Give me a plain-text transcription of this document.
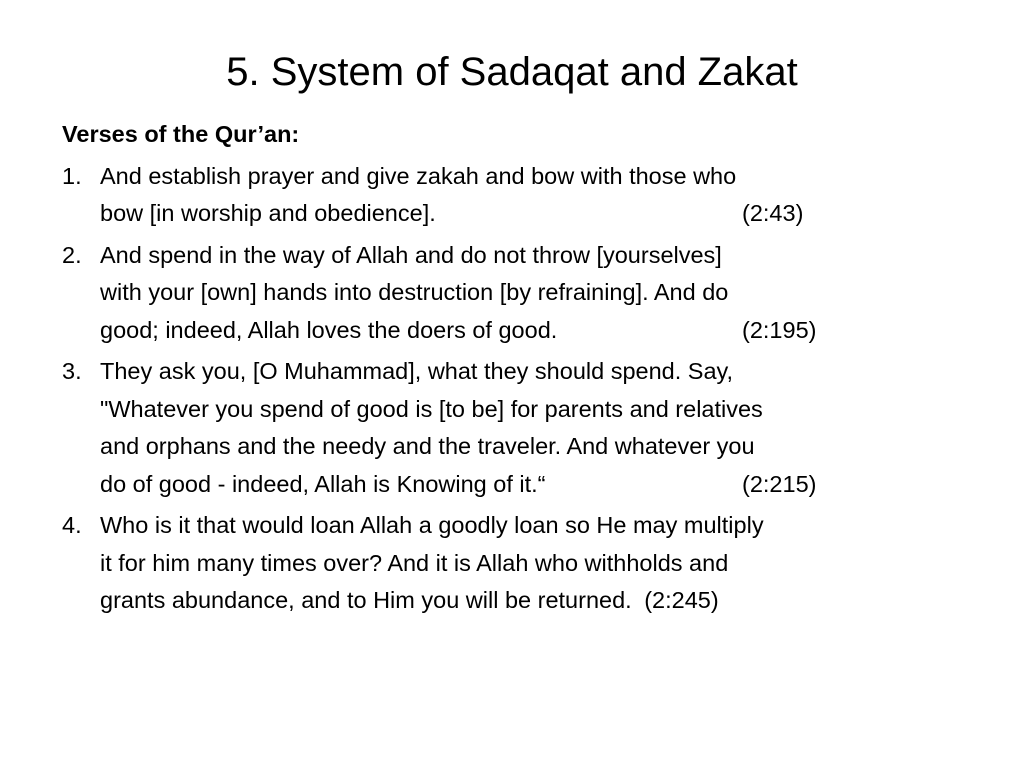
5. System of Sadaqat and Zakat
Verses of the Qur’an:
1. And establish prayer and give zakah and bow with those who
bow [in worship and obedience].	(2:43)
2. And spend in the way of Allah and do not throw [yourselves]
with your [own] hands into destruction [by refraining]. And do
good; indeed, Allah loves the doers of good.	(2:195)
3. They ask you, [O Muhammad], what they should spend. Say,
"Whatever you spend of good is [to be] for parents and relatives
and orphans and the needy and the traveler. And whatever you
do of good - indeed, Allah is Knowing of it.“	(2:215)
4. Who is it that would loan Allah a goodly loan so He may multiply
it for him many times over? And it is Allah who withholds and
grants abundance, and to Him you will be returned. (2:245)
